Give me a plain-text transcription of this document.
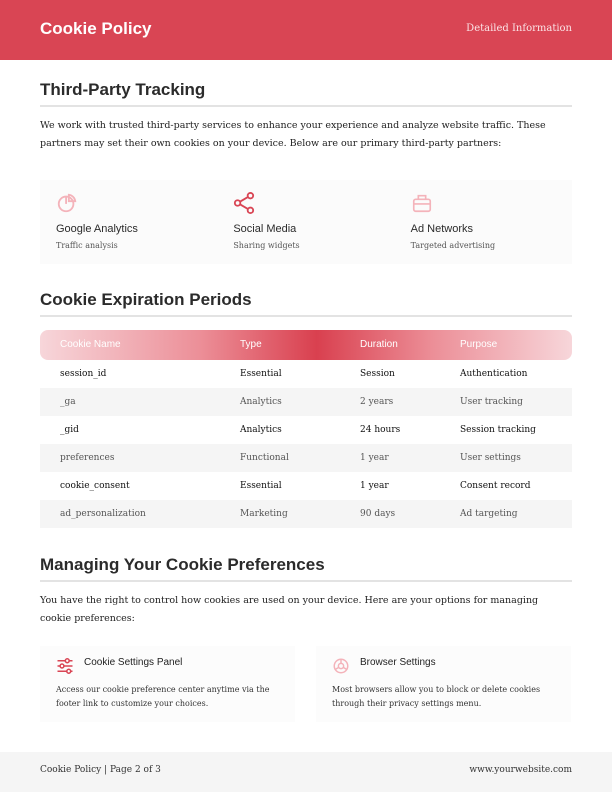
Cookie Policy	Detailed Information
Third-Party Tracking
We work with trusted third-party services to enhance your experience and analyze website traffic. These partners may set their own cookies on your device. Below are our primary third-party partners:
Google Analytics
Traffic analysis
Social Media
Sharing widgets
Ad Networks
Targeted advertising
Cookie Expiration Periods
Cookie Name	Type	Duration	Purpose
session_id	Essential	Session	Authentication
_ga	Analytics	2 years	User tracking
_gid	Analytics	24 hours	Session tracking
preferences	Functional	1 year	User settings
cookie_consent	Essential	1 year	Consent record
ad_personalization	Marketing	90 days	Ad targeting
Managing Your Cookie Preferences
You have the right to control how cookies are used on your device. Here are your options for managing cookie preferences:
Cookie Settings Panel
Access our cookie preference center anytime via the footer link to customize your choices.
Browser Settings
Most browsers allow you to block or delete cookies through their privacy settings menu.
Cookie Policy | Page 2 of 3	www.yourwebsite.com
